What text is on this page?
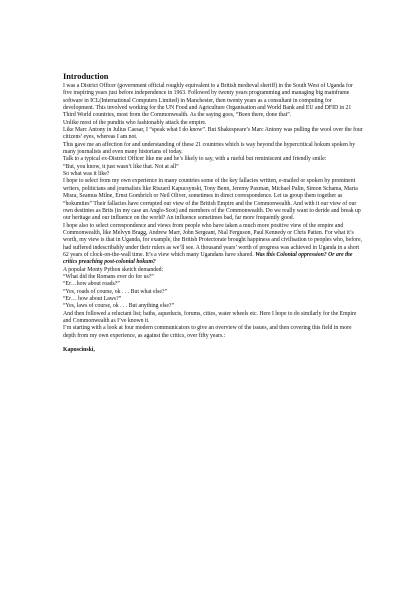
Introduction

I was a District Officer (government official roughly equivalent to a British medieval sheriff) in the South West of Uganda for five inspiring years just before independence in 1963. Followed by twenty years programming and managing big mainframe software in ICL(International Computers Limited) in Manchester, then twenty years as a consultant in computing for development. This involved working for the UN Food and Agriculture Organisation and World Bank and EU and DFID in 21 Third World countries, most from the Commonwealth. As the saying goes, “Been there, done that”.

Unlike most of the pundits who fashionably attack the empire.

Like Marc Antony in Julius Caesar, I “speak what I do know”. But Shakespeare’s Marc Antony was pulling the wool over the four citizens’ eyes, whereas I am not.

This gave me an affection for and understanding of these 21 countries which is way beyond the hypercritical hokum spoken by many journalists and even many historians of today.

Talk to a typical ex-District Officer like me and he’s likely to say, with a rueful but reminiscent and friendly smile:

“But, you know, it just wasn’t like that. Not at all”

So what was it like?

I hope to select from my own experience in many countries some of the key fallacies written, e-mailed or spoken by prominent writers, politicians and journalists like Riszard Kapucsynski, Tony Benn, Jeremy Paxman, Michael Palin, Simon Schama, Maria Misra, Seamus Milne, Ernst Gombrich or Neil Oliver, sometimes in direct correspondence. Let us group them together as “hokumites” Their fallacies have corrupted our view of the British Empire and the Commonwealth. And with it our view of our own destinies as Brits (in my case an Anglo-Scot) and members of the Commonwealth. Do we really want to deride and break up our heritage and our influence on the world? An influence sometimes bad, far more frequently good.

I hope also to select correspondence and views from people who have taken a much more positive view of the empire and Commonwealth, like Melvyn Bragg, Andrew Marr, John Sergeant, Nial Ferguson, Paul Kennedy or Chris Patten. For what it’s worth, my view is that in Uganda, for example, the British Protectorate brought happiness and civilisation to peoples who, before, had suffered indescribably under their rulers as we’ll see. A thousand years’ worth of progress was achieved in Uganda in a short 62 years of clock-on-the-wall time. It’s a view which many Ugandans have shared. Was this Colonial oppression? Or are the critics preaching post-colonial hokum?

A popular Monty Python sketch demanded:

“What did the Romans ever do for us?”

“Er…how about roads?”

“Yes, roads of course, ok . . . But what else?”

“Er… how about Laws?”

“Yes, laws of course, ok . . . But anything else?”

And then followed a reluctant list; baths, aqueducts, forums, cities, water wheels etc. Here I hope to do similarly for the Empire and Commonwealth as I’ve known it.

I’m starting with a look at four modern communicators to give an overview of the issues, and then covering this field in more depth from my own experience, as against the critics, over fifty years.:

Kapuscinski,
